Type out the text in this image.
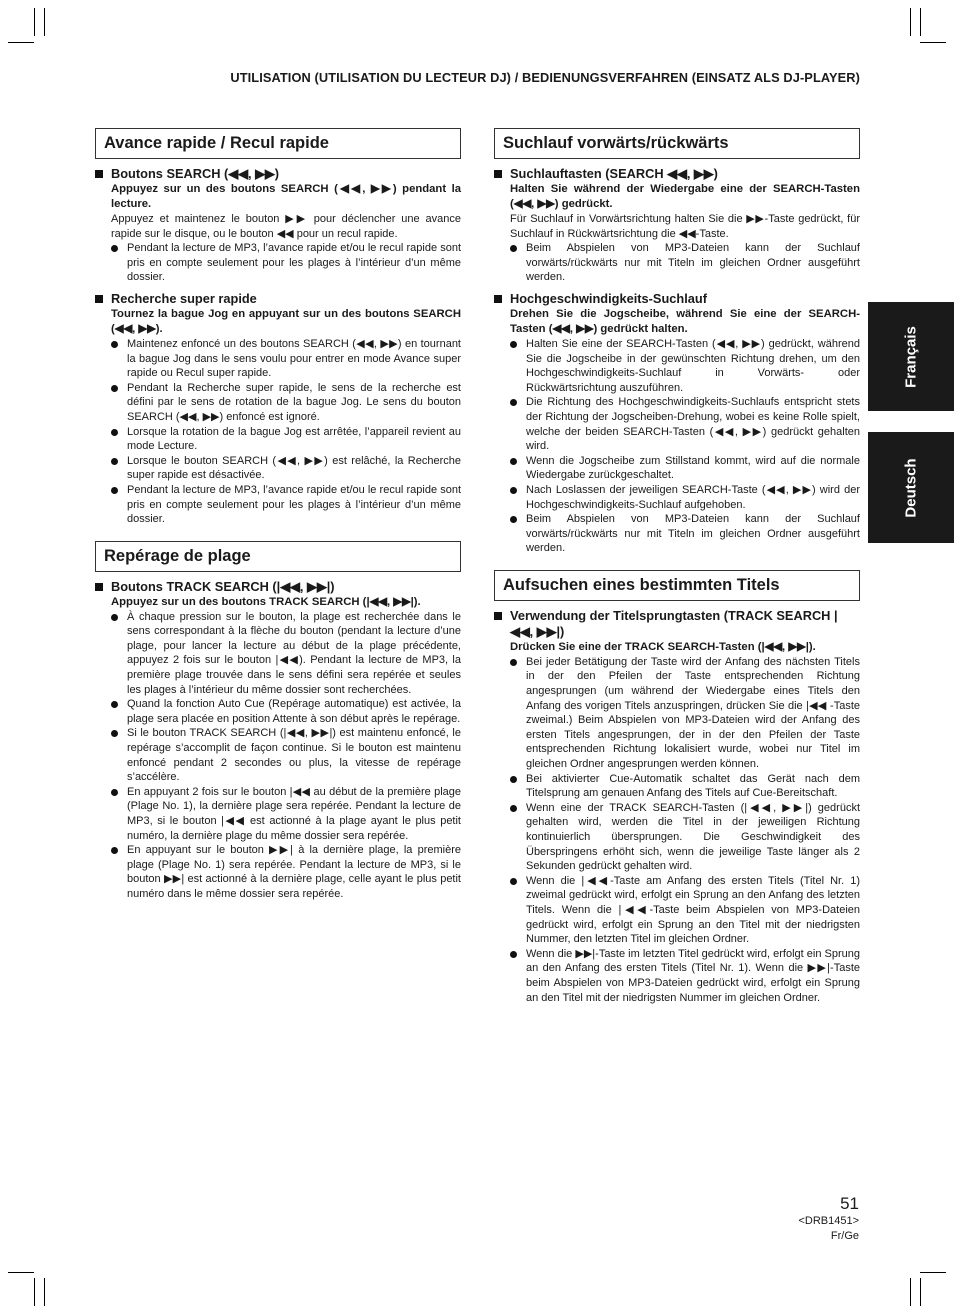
UTILISATION (UTILISATION DU LECTEUR DJ) / BEDIENUNGSVERFAHREN (EINSATZ ALS DJ-PLAYER)
Français
Deutsch
Avance rapide / Recul rapide
Boutons SEARCH (◀◀, ▶▶)
Appuyez sur un des boutons SEARCH (◀◀, ▶▶) pendant la lecture.
Appuyez et maintenez le bouton ▶▶ pour déclencher une avance rapide sur le disque, ou le bouton ◀◀ pour un recul rapide.
Pendant la lecture de MP3, l’avance rapide et/ou le recul rapide sont pris en compte seulement pour les plages à l’intérieur d’un même dossier.
Recherche super rapide
Tournez la bague Jog en appuyant sur un des boutons SEARCH (◀◀, ▶▶).
Maintenez enfoncé un des boutons SEARCH (◀◀, ▶▶) en tournant la bague Jog dans le sens voulu pour entrer en mode Avance super rapide ou Recul super rapide.
Pendant la Recherche super rapide, le sens de la recherche est défini par le sens de rotation de la bague Jog. Le sens du bouton SEARCH (◀◀, ▶▶) enfoncé est ignoré.
Lorsque la rotation de la bague Jog est arrêtée, l’appareil revient au mode Lecture.
Lorsque le bouton SEARCH (◀◀, ▶▶) est relâché, la Recherche super rapide est désactivée.
Pendant la lecture de MP3, l’avance rapide et/ou le recul rapide sont pris en compte seulement pour les plages à l’intérieur d’un même dossier.
Repérage de plage
Boutons TRACK SEARCH (|◀◀, ▶▶|)
Appuyez sur un des boutons TRACK SEARCH (|◀◀, ▶▶|).
À chaque pression sur le bouton, la plage est recherchée dans le sens correspondant à la flèche du bouton (pendant la lecture d’une plage, pour lancer la lecture au début de la plage précédente, appuyez 2 fois sur le bouton |◀◀). Pendant la lecture de MP3, la première plage trouvée dans le sens défini sera repérée et seules les plages à l’intérieur du même dossier sont recherchées.
Quand la fonction Auto Cue (Repérage automatique) est activée, la plage sera placée en position Attente à son début après le repérage.
Si le bouton TRACK SEARCH (|◀◀, ▶▶|) est maintenu enfoncé, le repérage s’accomplit de façon continue. Si le bouton est maintenu enfoncé pendant 2 secondes ou plus, la vitesse de repérage s’accélère.
En appuyant 2 fois sur le bouton |◀◀ au début de la première plage (Plage No. 1), la dernière plage sera repérée. Pendant la lecture de MP3, si le bouton |◀◀ est actionné à la plage ayant le plus petit numéro, la dernière plage du même dossier sera repérée.
En appuyant sur le bouton ▶▶| à la dernière plage, la première plage (Plage No. 1) sera repérée. Pendant la lecture de MP3, si le bouton ▶▶| est actionné à la dernière plage, celle ayant le plus petit numéro dans le même dossier sera repérée.
Suchlauf vorwärts/rückwärts
Suchlauftasten (SEARCH ◀◀, ▶▶)
Halten Sie während der Wiedergabe eine der SEARCH-Tasten (◀◀, ▶▶) gedrückt.
Für Suchlauf in Vorwärtsrichtung halten Sie die ▶▶-Taste gedrückt, für Suchlauf in Rückwärtsrichtung die ◀◀-Taste.
Beim Abspielen von MP3-Dateien kann der Suchlauf vorwärts/rückwärts nur mit Titeln im gleichen Ordner ausgeführt werden.
Hochgeschwindigkeits-Suchlauf
Drehen Sie die Jogscheibe, während Sie eine der SEARCH-Tasten (◀◀, ▶▶) gedrückt halten.
Halten Sie eine der SEARCH-Tasten (◀◀, ▶▶) gedrückt, während Sie die Jogscheibe in der gewünschten Richtung drehen, um den Hochgeschwindigkeits-Suchlauf in Vorwärts- oder Rückwärtsrichtung auszuführen.
Die Richtung des Hochgeschwindigkeits-Suchlaufs entspricht stets der Richtung der Jogscheiben-Drehung, wobei es keine Rolle spielt, welche der beiden SEARCH-Tasten (◀◀, ▶▶) gedrückt gehalten wird.
Wenn die Jogscheibe zum Stillstand kommt, wird auf die normale Wiedergabe zurückgeschaltet.
Nach Loslassen der jeweiligen SEARCH-Taste (◀◀, ▶▶) wird der Hochgeschwindigkeits-Suchlauf aufgehoben.
Beim Abspielen von MP3-Dateien kann der Suchlauf vorwärts/rückwärts nur mit Titeln im gleichen Ordner ausgeführt werden.
Aufsuchen eines bestimmten Titels
Verwendung der Titelsprungtasten (TRACK SEARCH |◀◀, ▶▶|)
Drücken Sie eine der TRACK SEARCH-Tasten (|◀◀, ▶▶|).
Bei jeder Betätigung der Taste wird der Anfang des nächsten Titels in der den Pfeilen der Taste entsprechenden Richtung angesprungen (um während der Wiedergabe eines Titels den Anfang des vorigen Titels anzuspringen, drücken Sie die |◀◀ -Taste zweimal.) Beim Abspielen von MP3-Dateien wird der Anfang des ersten Titels angesprungen, der in der den Pfeilen der Taste entsprechenden Richtung lokalisiert wurde, wobei nur Titel im gleichen Ordner angesprungen werden können.
Bei aktivierter Cue-Automatik schaltet das Gerät nach dem Titelsprung am genauen Anfang des Titels auf Cue-Bereitschaft.
Wenn eine der TRACK SEARCH-Tasten (|◀◀, ▶▶|) gedrückt gehalten wird, werden die Titel in der jeweiligen Richtung kontinuierlich übersprungen. Die Geschwindigkeit des Überspringens erhöht sich, wenn die jeweilige Taste länger als 2 Sekunden gedrückt gehalten wird.
Wenn die |◀◀-Taste am Anfang des ersten Titels (Titel Nr. 1) zweimal gedrückt wird, erfolgt ein Sprung an den Anfang des letzten Titels. Wenn die |◀◀-Taste beim Abspielen von MP3-Dateien gedrückt wird, erfolgt ein Sprung an den Titel mit der niedrigsten Nummer, den letzten Titel im gleichen Ordner.
Wenn die ▶▶|-Taste im letzten Titel gedrückt wird, erfolgt ein Sprung an den Anfang des ersten Titels (Titel Nr. 1). Wenn die ▶▶|-Taste beim Abspielen von MP3-Dateien gedrückt wird, erfolgt ein Sprung an den Titel mit der niedrigsten Nummer im gleichen Ordner.
51
<DRB1451>
Fr/Ge
